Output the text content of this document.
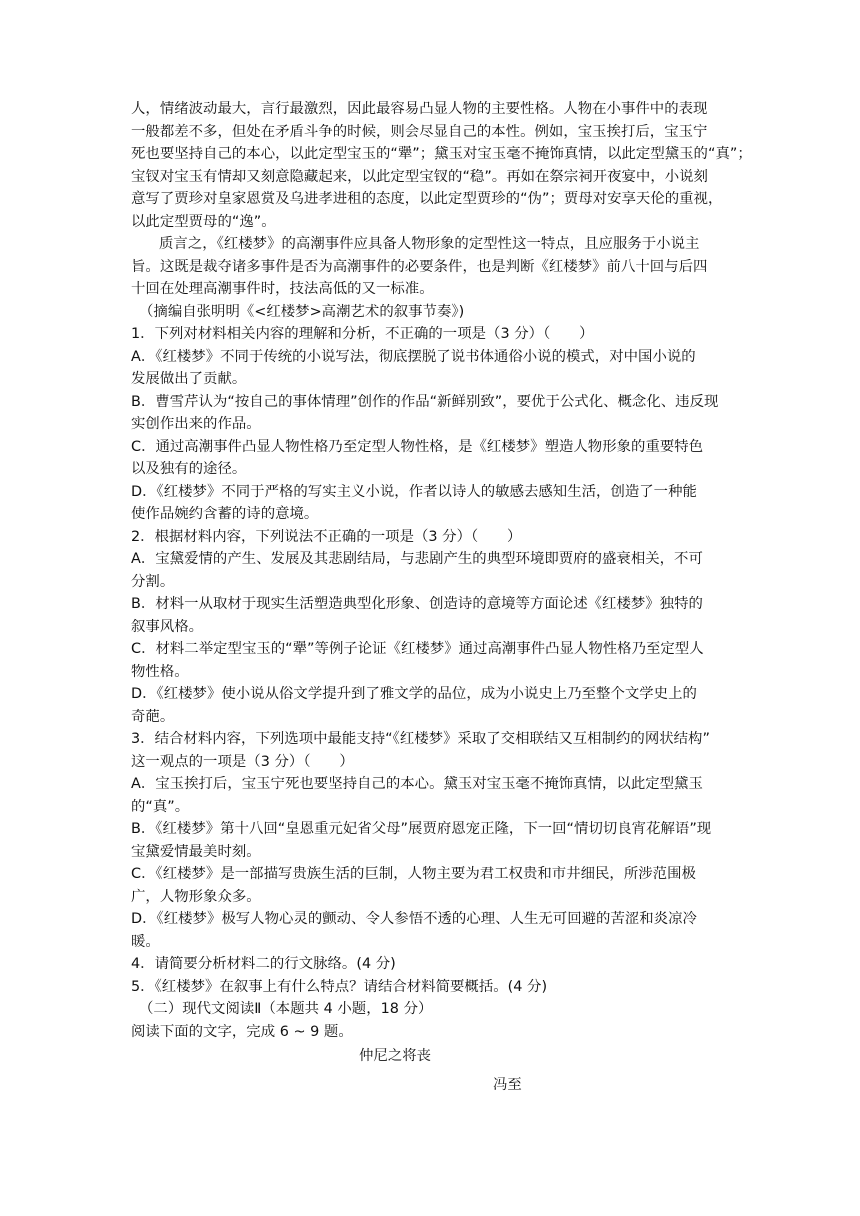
人，情绪波动最大，言行最激烈，因此最容易凸显人物的主要性格。人物在小事件中的表现
一般都差不多，但处在矛盾斗争的时候，则会尽显自己的本性。例如，宝玉挨打后，宝玉宁
死也要坚持自己的本心，以此定型宝玉的“犟”；黛玉对宝玉毫不掩饰真情，以此定型黛玉的“真”；
宝钗对宝玉有情却又刻意隐藏起来，以此定型宝钗的“稳”。再如在祭宗祠开夜宴中，小说刻
意写了贾珍对皇家恩赏及乌进孝进租的态度，以此定型贾珍的“伪”；贾母对安享天伦的重视，
以此定型贾母的“逸”。
质言之，《红楼梦》的高潮事件应具备人物形象的定型性这一特点，且应服务于小说主
旨。这既是裁夺诸多事件是否为高潮事件的必要条件，也是判断《红楼梦》前八十回与后四
十回在处理高潮事件时，技法高低的又一标准。
（摘编自张明明《<红楼梦>高潮艺术的叙事节奏》)
1．下列对材料相关内容的理解和分析，不正确的一项是（3 分）（　　）
A．《红楼梦》不同于传统的小说写法，彻底摆脱了说书体通俗小说的模式，对中国小说的
发展做出了贡献。
B．曹雪芹认为“按自己的事体情理”创作的作品“新鲜别致”，要优于公式化、概念化、违反现
实创作出来的作品。
C．通过高潮事件凸显人物性格乃至定型人物性格，是《红楼梦》塑造人物形象的重要特色
以及独有的途径。
D．《红楼梦》不同于严格的写实主义小说，作者以诗人的敏感去感知生活，创造了一种能
使作品婉约含蓄的诗的意境。
2．根据材料内容，下列说法不正确的一项是（3 分）（　　）
A．宝黛爱情的产生、发展及其悲剧结局，与悲剧产生的典型环境即贾府的盛衰相关，不可
分割。
B．材料一从取材于现实生活塑造典型化形象、创造诗的意境等方面论述《红楼梦》独特的
叙事风格。
C．材料二举定型宝玉的“犟”等例子论证《红楼梦》通过高潮事件凸显人物性格乃至定型人
物性格。
D．《红楼梦》使小说从俗文学提升到了雅文学的品位，成为小说史上乃至整个文学史上的
奇葩。
3．结合材料内容，下列选项中最能支持“《红楼梦》采取了交相联结又互相制约的网状结构”
这一观点的一项是（3 分）（　　）
A．宝玉挨打后，宝玉宁死也要坚持自己的本心。黛玉对宝玉毫不掩饰真情，以此定型黛玉
的“真”。
B．《红楼梦》第十八回“皇恩重元妃省父母”展贾府恩宠正隆，下一回“情切切良宵花解语”现
宝黛爱情最美时刻。
C．《红楼梦》是一部描写贵族生活的巨制，人物主要为君工权贵和市井细民，所涉范围极
广，人物形象众多。
D．《红楼梦》极写人物心灵的颤动、令人参悟不透的心理、人生无可回避的苦涩和炎凉冷
暖。
4．请简要分析材料二的行文脉络。(4 分)
5．《红楼梦》在叙事上有什么特点？请结合材料简要概括。(4 分)
（二）现代文阅读Ⅱ（本题共 4 小题，18 分）
阅读下面的文字，完成 6 ~ 9 题。
仲尼之将丧
冯至
